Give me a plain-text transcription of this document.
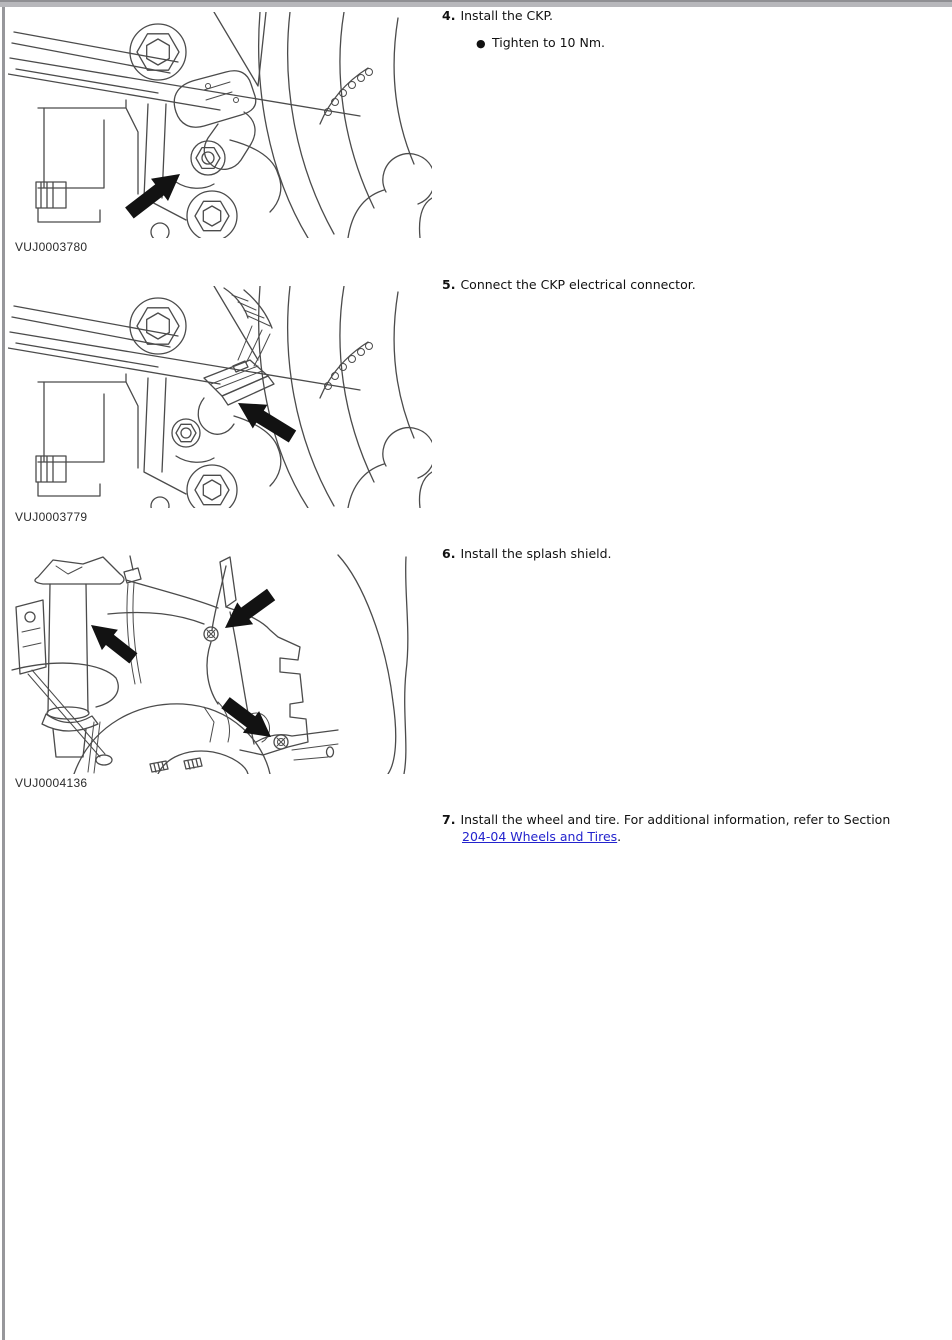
VUJ0003780
VUJ0003779
VUJ0004136
4. Install the CKP.
● Tighten to 10 Nm.
5. Connect the CKP electrical connector.
6. Install the splash shield.
7. Install the wheel and tire. For additional information, refer to Section
204-04 Wheels and Tires.
